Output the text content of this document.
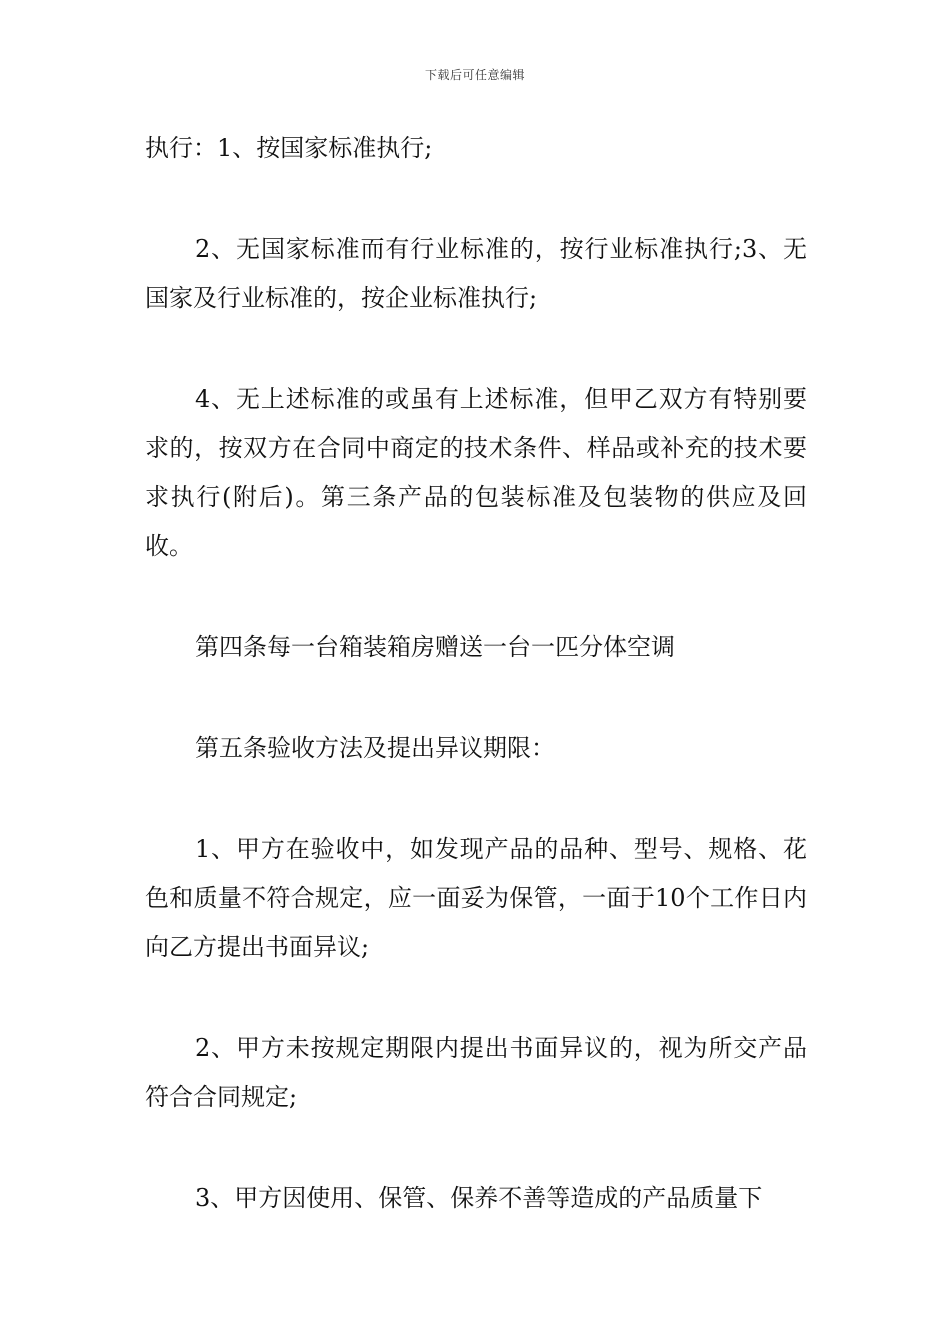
下载后可任意编辑

执行：1、按国家标准执行;

2、无国家标准而有行业标准的，按行业标准执行;3、无国家及行业标准的，按企业标准执行;

4、无上述标准的或虽有上述标准，但甲乙双方有特别要求的，按双方在合同中商定的技术条件、样品或补充的技术要求执行(附后)。第三条产品的包装标准及包装物的供应及回收。

第四条每一台箱装箱房赠送一台一匹分体空调

第五条验收方法及提出异议期限：

1、甲方在验收中，如发现产品的品种、型号、规格、花色和质量不符合规定，应一面妥为保管，一面于10个工作日内向乙方提出书面异议;

2、甲方未按规定期限内提出书面异议的，视为所交产品符合合同规定;

3、甲方因使用、保管、保养不善等造成的产品质量下
